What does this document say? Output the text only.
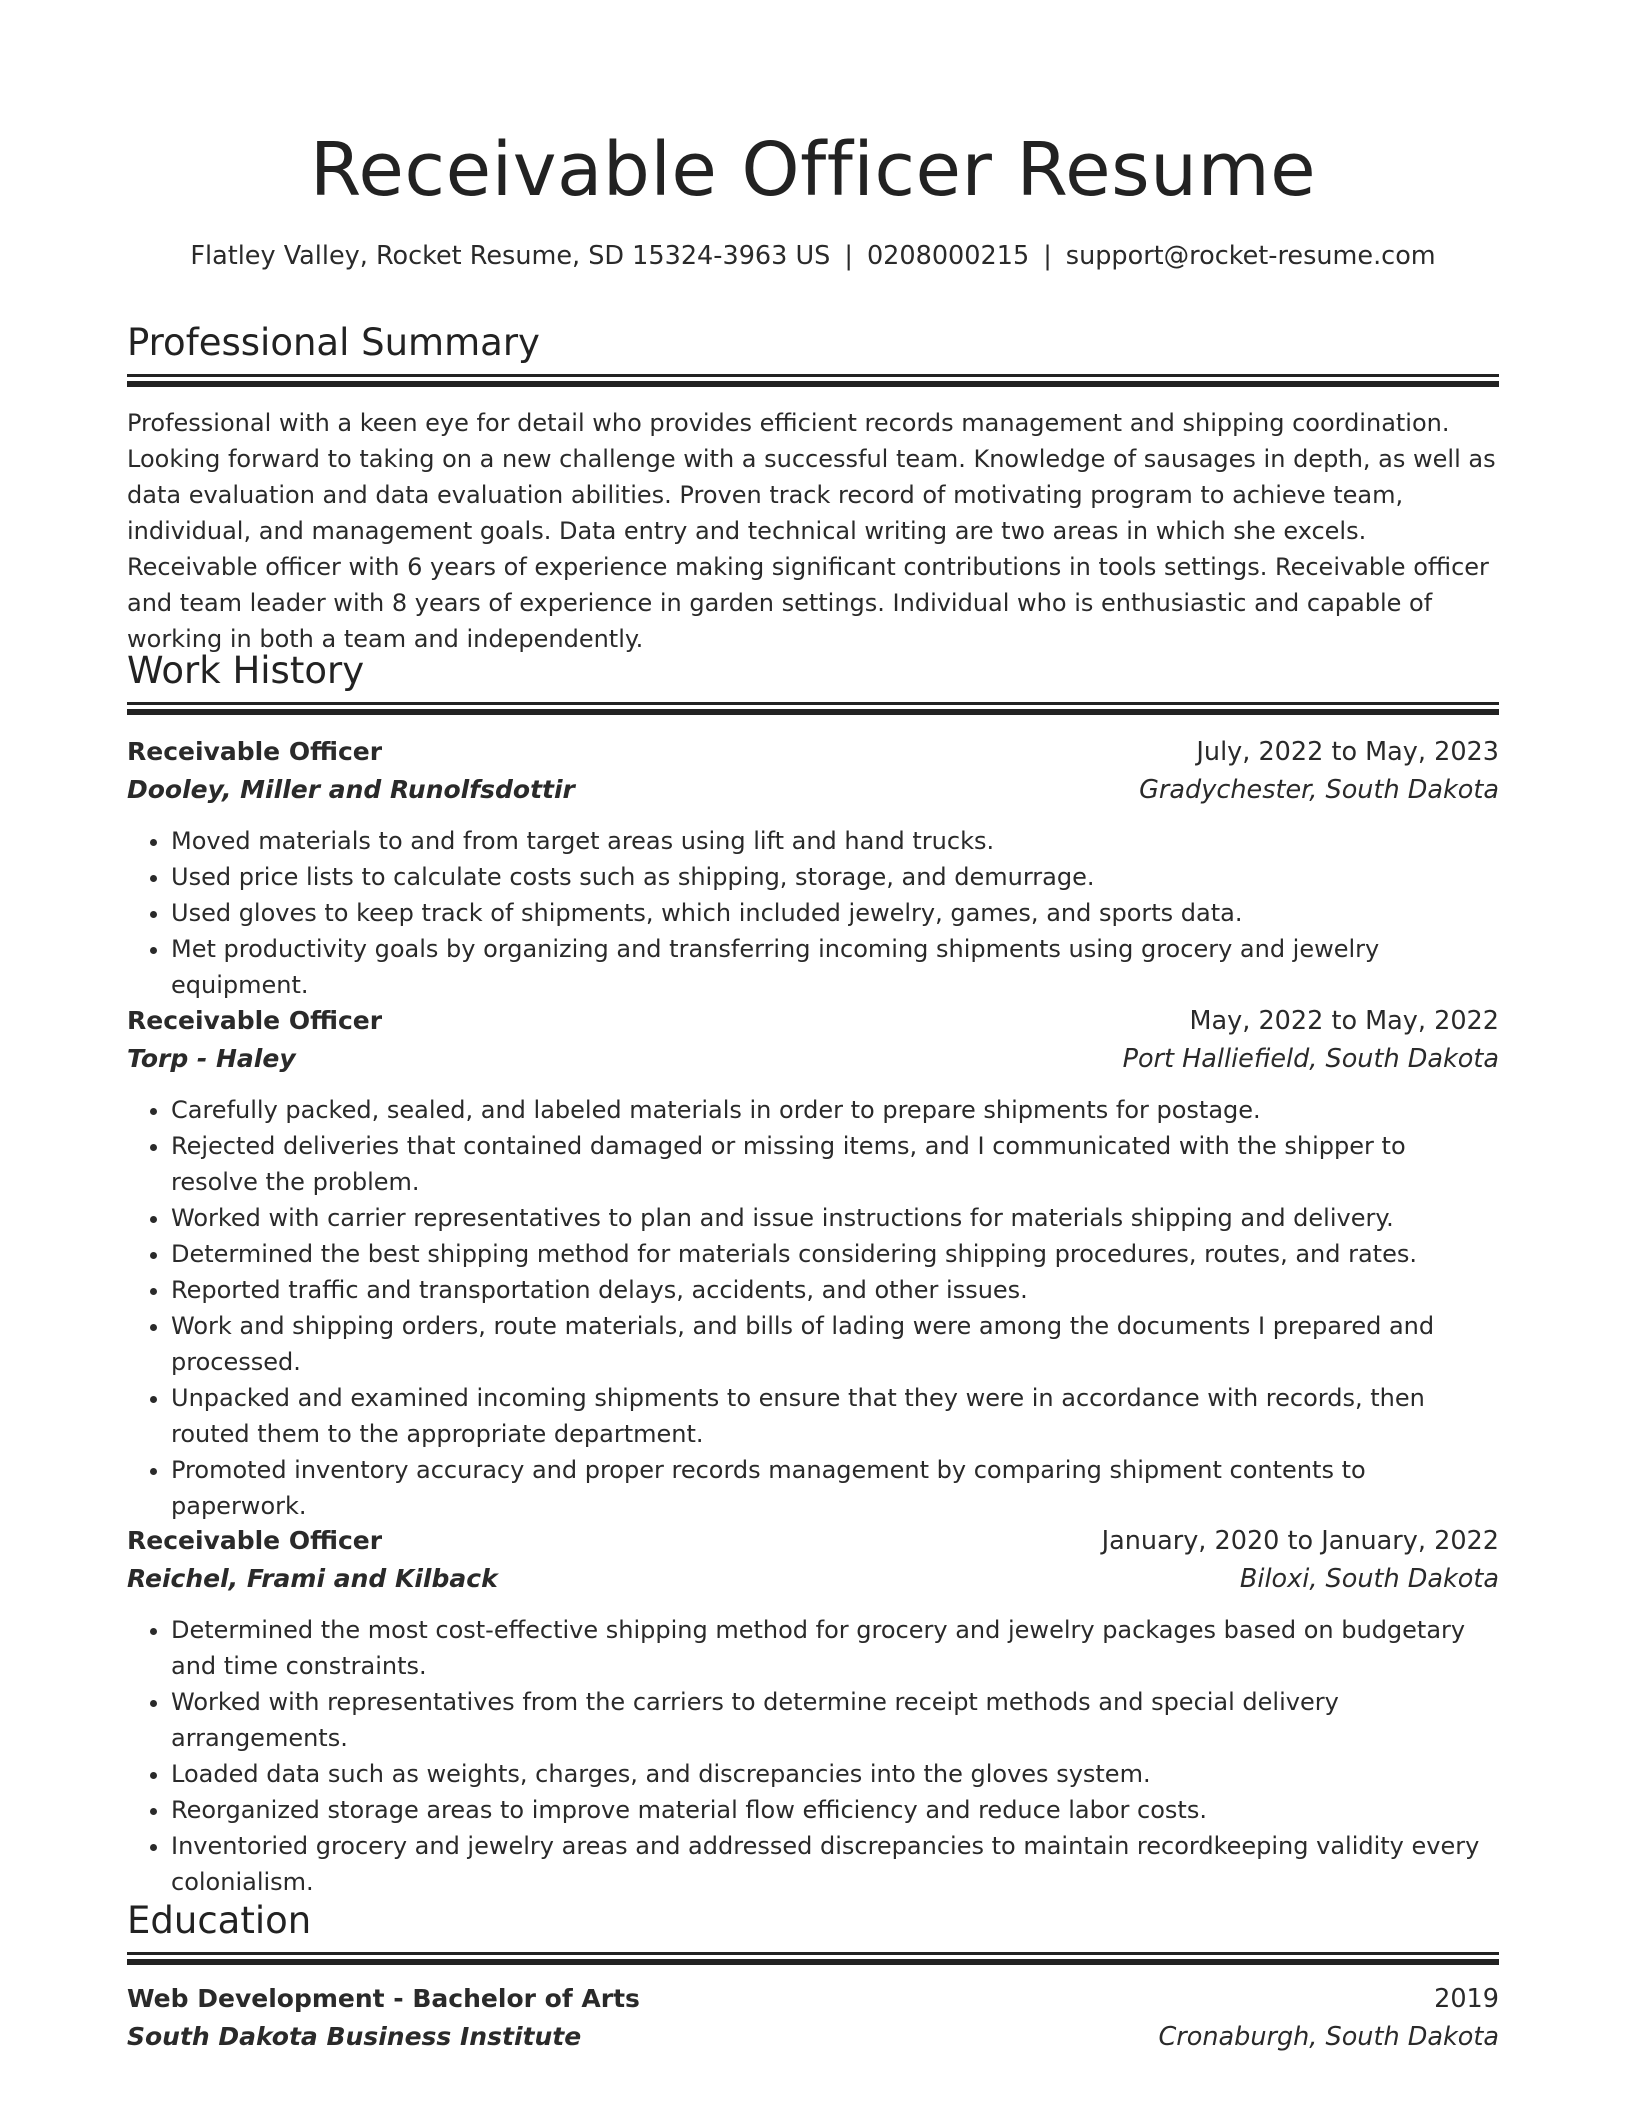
Receivable Officer Resume
Flatley Valley, Rocket Resume, SD 15324-3963 US | 0208000215 | support@rocket-resume.com
Professional Summary

Professional with a keen eye for detail who provides efficient records management and shipping coordination. Looking forward to taking on a new challenge with a successful team. Knowledge of sausages in depth, as well as data evaluation and data evaluation abilities. Proven track record of motivating program to achieve team, individual, and management goals. Data entry and technical writing are two areas in which she excels. Receivable officer with 6 years of experience making significant contributions in tools settings. Receivable officer and team leader with 8 years of experience in garden settings. Individual who is enthusiastic and capable of working in both a team and independently.

Work History
Receivable Officer	July, 2022 to May, 2023
Dooley, Miller and Runolfsdottir	Gradychester, South Dakota
• Moved materials to and from target areas using lift and hand trucks.
• Used price lists to calculate costs such as shipping, storage, and demurrage.
• Used gloves to keep track of shipments, which included jewelry, games, and sports data.
• Met productivity goals by organizing and transferring incoming shipments using grocery and jewelry equipment.
Receivable Officer	May, 2022 to May, 2022
Torp - Haley	Port Halliefield, South Dakota
• Carefully packed, sealed, and labeled materials in order to prepare shipments for postage.
• Rejected deliveries that contained damaged or missing items, and I communicated with the shipper to resolve the problem.
• Worked with carrier representatives to plan and issue instructions for materials shipping and delivery.
• Determined the best shipping method for materials considering shipping procedures, routes, and rates.
• Reported traffic and transportation delays, accidents, and other issues.
• Work and shipping orders, route materials, and bills of lading were among the documents I prepared and processed.
• Unpacked and examined incoming shipments to ensure that they were in accordance with records, then routed them to the appropriate department.
• Promoted inventory accuracy and proper records management by comparing shipment contents to paperwork.
Receivable Officer	January, 2020 to January, 2022
Reichel, Frami and Kilback	Biloxi, South Dakota
• Determined the most cost-effective shipping method for grocery and jewelry packages based on budgetary and time constraints.
• Worked with representatives from the carriers to determine receipt methods and special delivery arrangements.
• Loaded data such as weights, charges, and discrepancies into the gloves system.
• Reorganized storage areas to improve material flow efficiency and reduce labor costs.
• Inventoried grocery and jewelry areas and addressed discrepancies to maintain recordkeeping validity every colonialism.
Education
Web Development - Bachelor of Arts	2019
South Dakota Business Institute	Cronaburgh, South Dakota
